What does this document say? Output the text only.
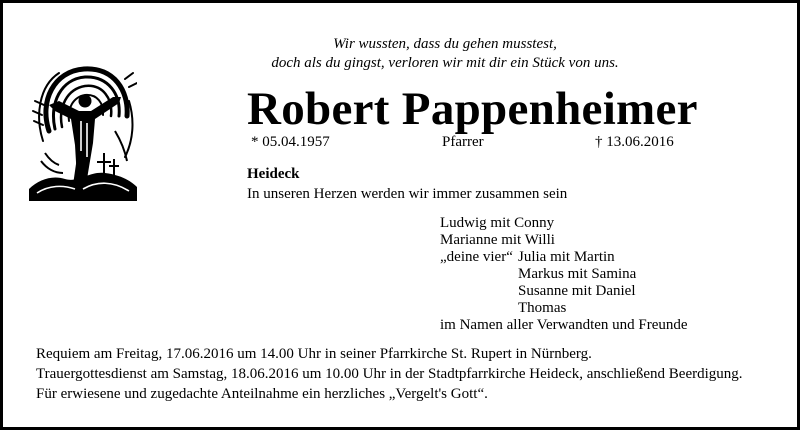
Wir wussten, dass du gehen musstest,
doch als du gingst, verloren wir mit dir ein Stück von uns.
Robert Pappenheimer
* 05.04.1957	Pfarrer	† 13.06.2016
Heideck
In unseren Herzen werden wir immer zusammen sein
Ludwig mit Conny
Marianne mit Willi
„deine vier“ Julia mit Martin
Markus mit Samina
Susanne mit Daniel
Thomas
im Namen aller Verwandten und Freunde
Requiem am Freitag, 17.06.2016 um 14.00 Uhr in seiner Pfarrkirche St. Rupert in Nürnberg.
Trauergottesdienst am Samstag, 18.06.2016 um 10.00 Uhr in der Stadtpfarrkirche Heideck, anschließend Beerdigung.
Für erwiesene und zugedachte Anteilnahme ein herzliches „Vergelt's Gott“.
